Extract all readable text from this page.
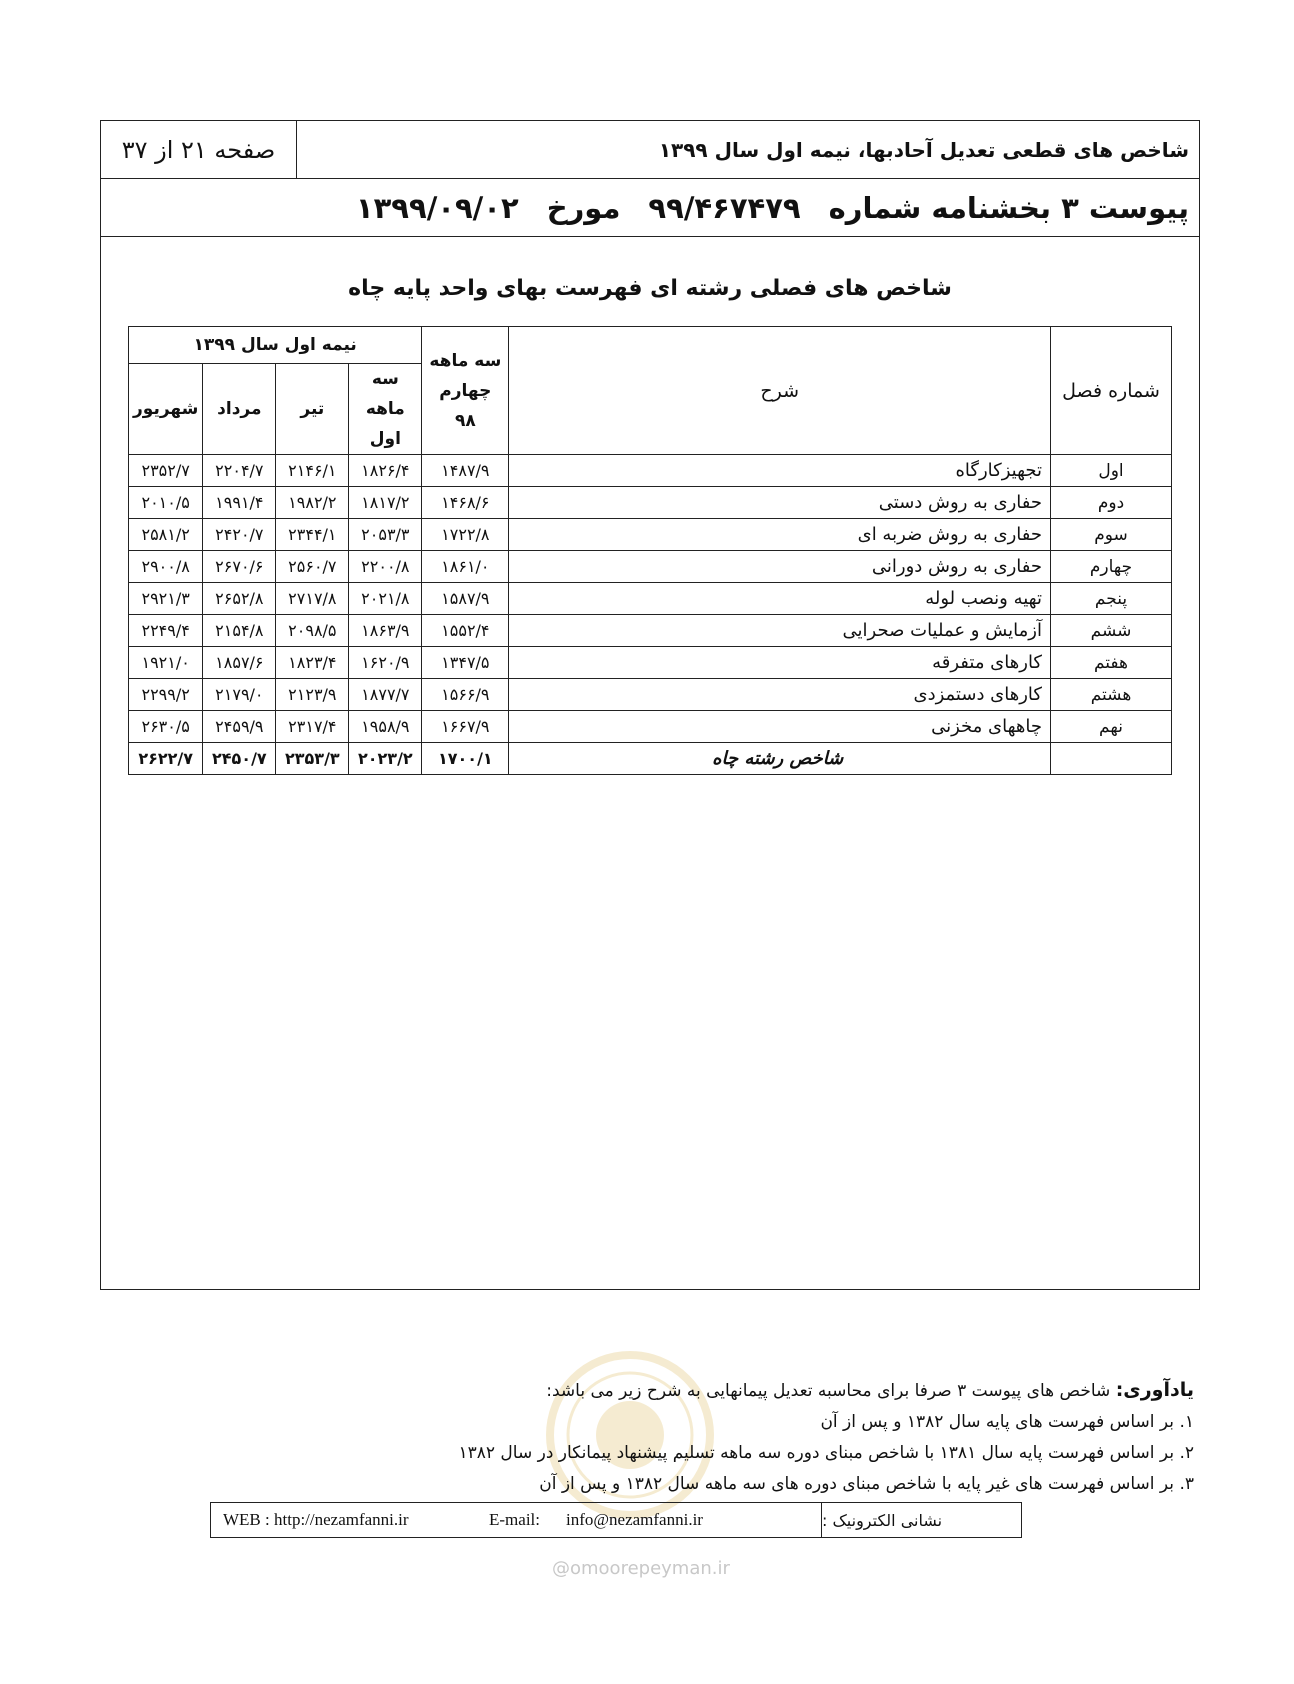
صفحه ۲۱ از ۳۷	شاخص های قطعی تعدیل آحادبها، نیمه اول سال ۱۳۹۹
پیوست ۳ بخشنامه شماره
۹۹/۴۶۷۴۷۹
مورخ
۱۳۹۹/۰۹/۰۲
شاخص های فصلی رشته ای فهرست بهای واحد پایه چاه
شماره فصل	شرح	سه ماهه چهارم ۹۸	نیمه اول سال ۱۳۹۹			
			سه ماهه اول	تیر	مرداد	شهریور
اول	تجهیزکارگاه	۱۴۸۷/۹	۱۸۲۶/۴	۲۱۴۶/۱	۲۲۰۴/۷	۲۳۵۲/۷
دوم	حفاری به روش دستی	۱۴۶۸/۶	۱۸۱۷/۲	۱۹۸۲/۲	۱۹۹۱/۴	۲۰۱۰/۵
سوم	حفاری به روش ضربه ای	۱۷۲۲/۸	۲۰۵۳/۳	۲۳۴۴/۱	۲۴۲۰/۷	۲۵۸۱/۲
چهارم	حفاری به روش دورانی	۱۸۶۱/۰	۲۲۰۰/۸	۲۵۶۰/۷	۲۶۷۰/۶	۲۹۰۰/۸
پنجم	تهیه ونصب لوله	۱۵۸۷/۹	۲۰۲۱/۸	۲۷۱۷/۸	۲۶۵۲/۸	۲۹۲۱/۳
ششم	آزمایش و عملیات صحرایی	۱۵۵۲/۴	۱۸۶۳/۹	۲۰۹۸/۵	۲۱۵۴/۸	۲۲۴۹/۴
هفتم	کارهای متفرقه	۱۳۴۷/۵	۱۶۲۰/۹	۱۸۲۳/۴	۱۸۵۷/۶	۱۹۲۱/۰
هشتم	کارهای دستمزدی	۱۵۶۶/۹	۱۸۷۷/۷	۲۱۲۳/۹	۲۱۷۹/۰	۲۲۹۹/۲
نهم	چاههای مخزنی	۱۶۶۷/۹	۱۹۵۸/۹	۲۳۱۷/۴	۲۴۵۹/۹	۲۶۳۰/۵
	شاخص رشته چاه	۱۷۰۰/۱	۲۰۲۳/۲	۲۳۵۳/۳	۲۴۵۰/۷	۲۶۲۲/۷
یادآوری: شاخص های پیوست ۳ صرفا برای محاسبه تعدیل پیمانهایی به شرح زیر می باشد:
۱. بر اساس فهرست های پایه سال ۱۳۸۲ و پس از آن
۲. بر اساس فهرست پایه سال ۱۳۸۱ با شاخص مبنای دوره سه ماهه تسلیم پیشنهاد پیمانکار در سال ۱۳۸۲
۳. بر اساس فهرست های غیر پایه با شاخص مبنای دوره های سه ماهه سال ۱۳۸۲ و پس از آن
نشانی الکترونیک :
WEB : http://nezamfanni.ir	E-mail: info@nezamfanni.ir
@omoorepeyman.ir
